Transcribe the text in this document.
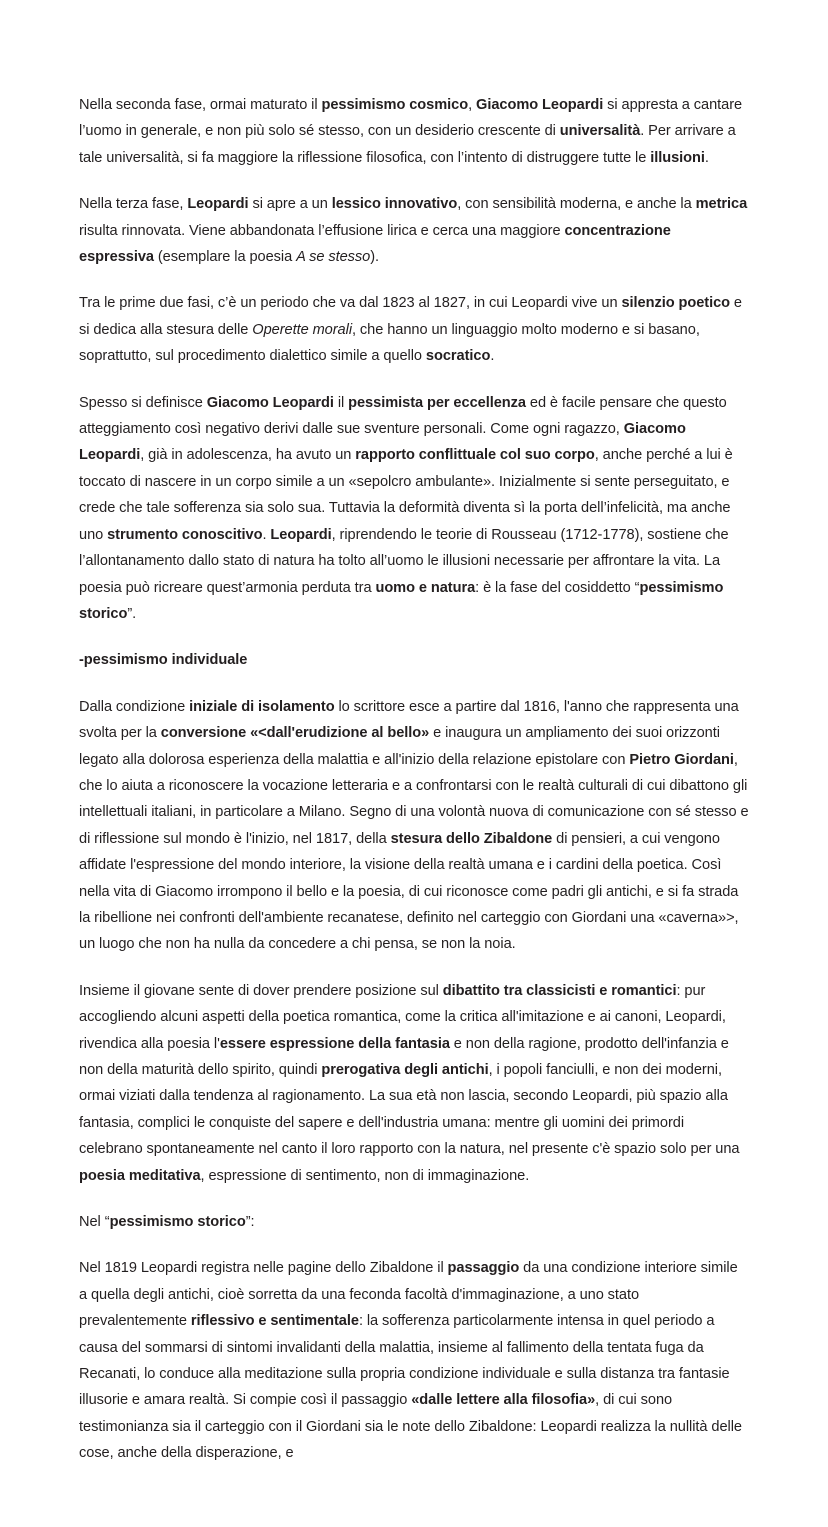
Nella seconda fase, ormai maturato il pessimismo cosmico, Giacomo Leopardi si appresta a cantare l’uomo in generale, e non più solo sé stesso, con un desiderio crescente di universalità. Per arrivare a tale universalità, si fa maggiore la riflessione filosofica, con l’intento di distruggere tutte le illusioni.

Nella terza fase, Leopardi si apre a un lessico innovativo, con sensibilità moderna, e anche la metrica risulta rinnovata. Viene abbandonata l’effusione lirica e cerca una maggiore concentrazione espressiva (esemplare la poesia A se stesso).

Tra le prime due fasi, c’è un periodo che va dal 1823 al 1827, in cui Leopardi vive un silenzio poetico e si dedica alla stesura delle Operette morali, che hanno un linguaggio molto moderno e si basano, soprattutto, sul procedimento dialettico simile a quello socratico.

Spesso si definisce Giacomo Leopardi il pessimista per eccellenza ed è facile pensare che questo atteggiamento così negativo derivi dalle sue sventure personali. Come ogni ragazzo, Giacomo Leopardi, già in adolescenza, ha avuto un rapporto conflittuale col suo corpo, anche perché a lui è toccato di nascere in un corpo simile a un «sepolcro ambulante». Inizialmente si sente perseguitato, e crede che tale sofferenza sia solo sua. Tuttavia la deformità diventa sì la porta dell’infelicità, ma anche uno strumento conoscitivo. Leopardi, riprendendo le teorie di Rousseau (1712-1778), sostiene che l’allontanamento dallo stato di natura ha tolto all’uomo le illusioni necessarie per affrontare la vita. La poesia può ricreare quest’armonia perduta tra uomo e natura: è la fase del cosiddetto “pessimismo storico”.

-pessimismo individuale

Dalla condizione iniziale di isolamento lo scrittore esce a partire dal 1816, l'anno che rappresenta una svolta per la conversione «<dall'erudizione al bello» e inaugura un ampliamento dei suoi orizzonti legato alla dolorosa esperienza della malattia e all'inizio della relazione epistolare con Pietro Giordani, che lo aiuta a riconoscere la vocazione letteraria e a confrontarsi con le realtà culturali di cui dibattono gli intellettuali italiani, in particolare a Milano. Segno di una volontà nuova di comunicazione con sé stesso e di riflessione sul mondo è l'inizio, nel 1817, della stesura dello Zibaldone di pensieri, a cui vengono affidate l'espressione del mondo interiore, la visione della realtà umana e i cardini della poetica. Così nella vita di Giacomo irrompono il bello e la poesia, di cui riconosce come padri gli antichi, e si fa strada la ribellione nei confronti dell'ambiente recanatese, definito nel carteggio con Giordani una «caverna»>, un luogo che non ha nulla da concedere a chi pensa, se non la noia.

Insieme il giovane sente di dover prendere posizione sul dibattito tra classicisti e romantici: pur accogliendo alcuni aspetti della poetica romantica, come la critica all'imitazione e ai canoni, Leopardi, rivendica alla poesia l'essere espressione della fantasia e non della ragione, prodotto dell'infanzia e non della maturità dello spirito, quindi prerogativa degli antichi, i popoli fanciulli, e non dei moderni, ormai viziati dalla tendenza al ragionamento. La sua età non lascia, secondo Leopardi, più spazio alla fantasia, complici le conquiste del sapere e dell'industria umana: mentre gli uomini dei primordi celebrano spontaneamente nel canto il loro rapporto con la natura, nel presente c'è spazio solo per una poesia meditativa, espressione di sentimento, non di immaginazione.

Nel “pessimismo storico”:

Nel 1819 Leopardi registra nelle pagine dello Zibaldone il passaggio da una condizione interiore simile a quella degli antichi, cioè sorretta da una feconda facoltà d'immaginazione, a uno stato prevalentemente riflessivo e sentimentale: la sofferenza particolarmente intensa in quel periodo a causa del sommarsi di sintomi invalidanti della malattia, insieme al fallimento della tentata fuga da Recanati, lo conduce alla meditazione sulla propria condizione individuale e sulla distanza tra fantasie illusorie e amara realtà. Si compie così il passaggio «dalle lettere alla filosofia», di cui sono testimonianza sia il carteggio con il Giordani sia le note dello Zibaldone: Leopardi realizza la nullità delle cose, anche della disperazione, e
